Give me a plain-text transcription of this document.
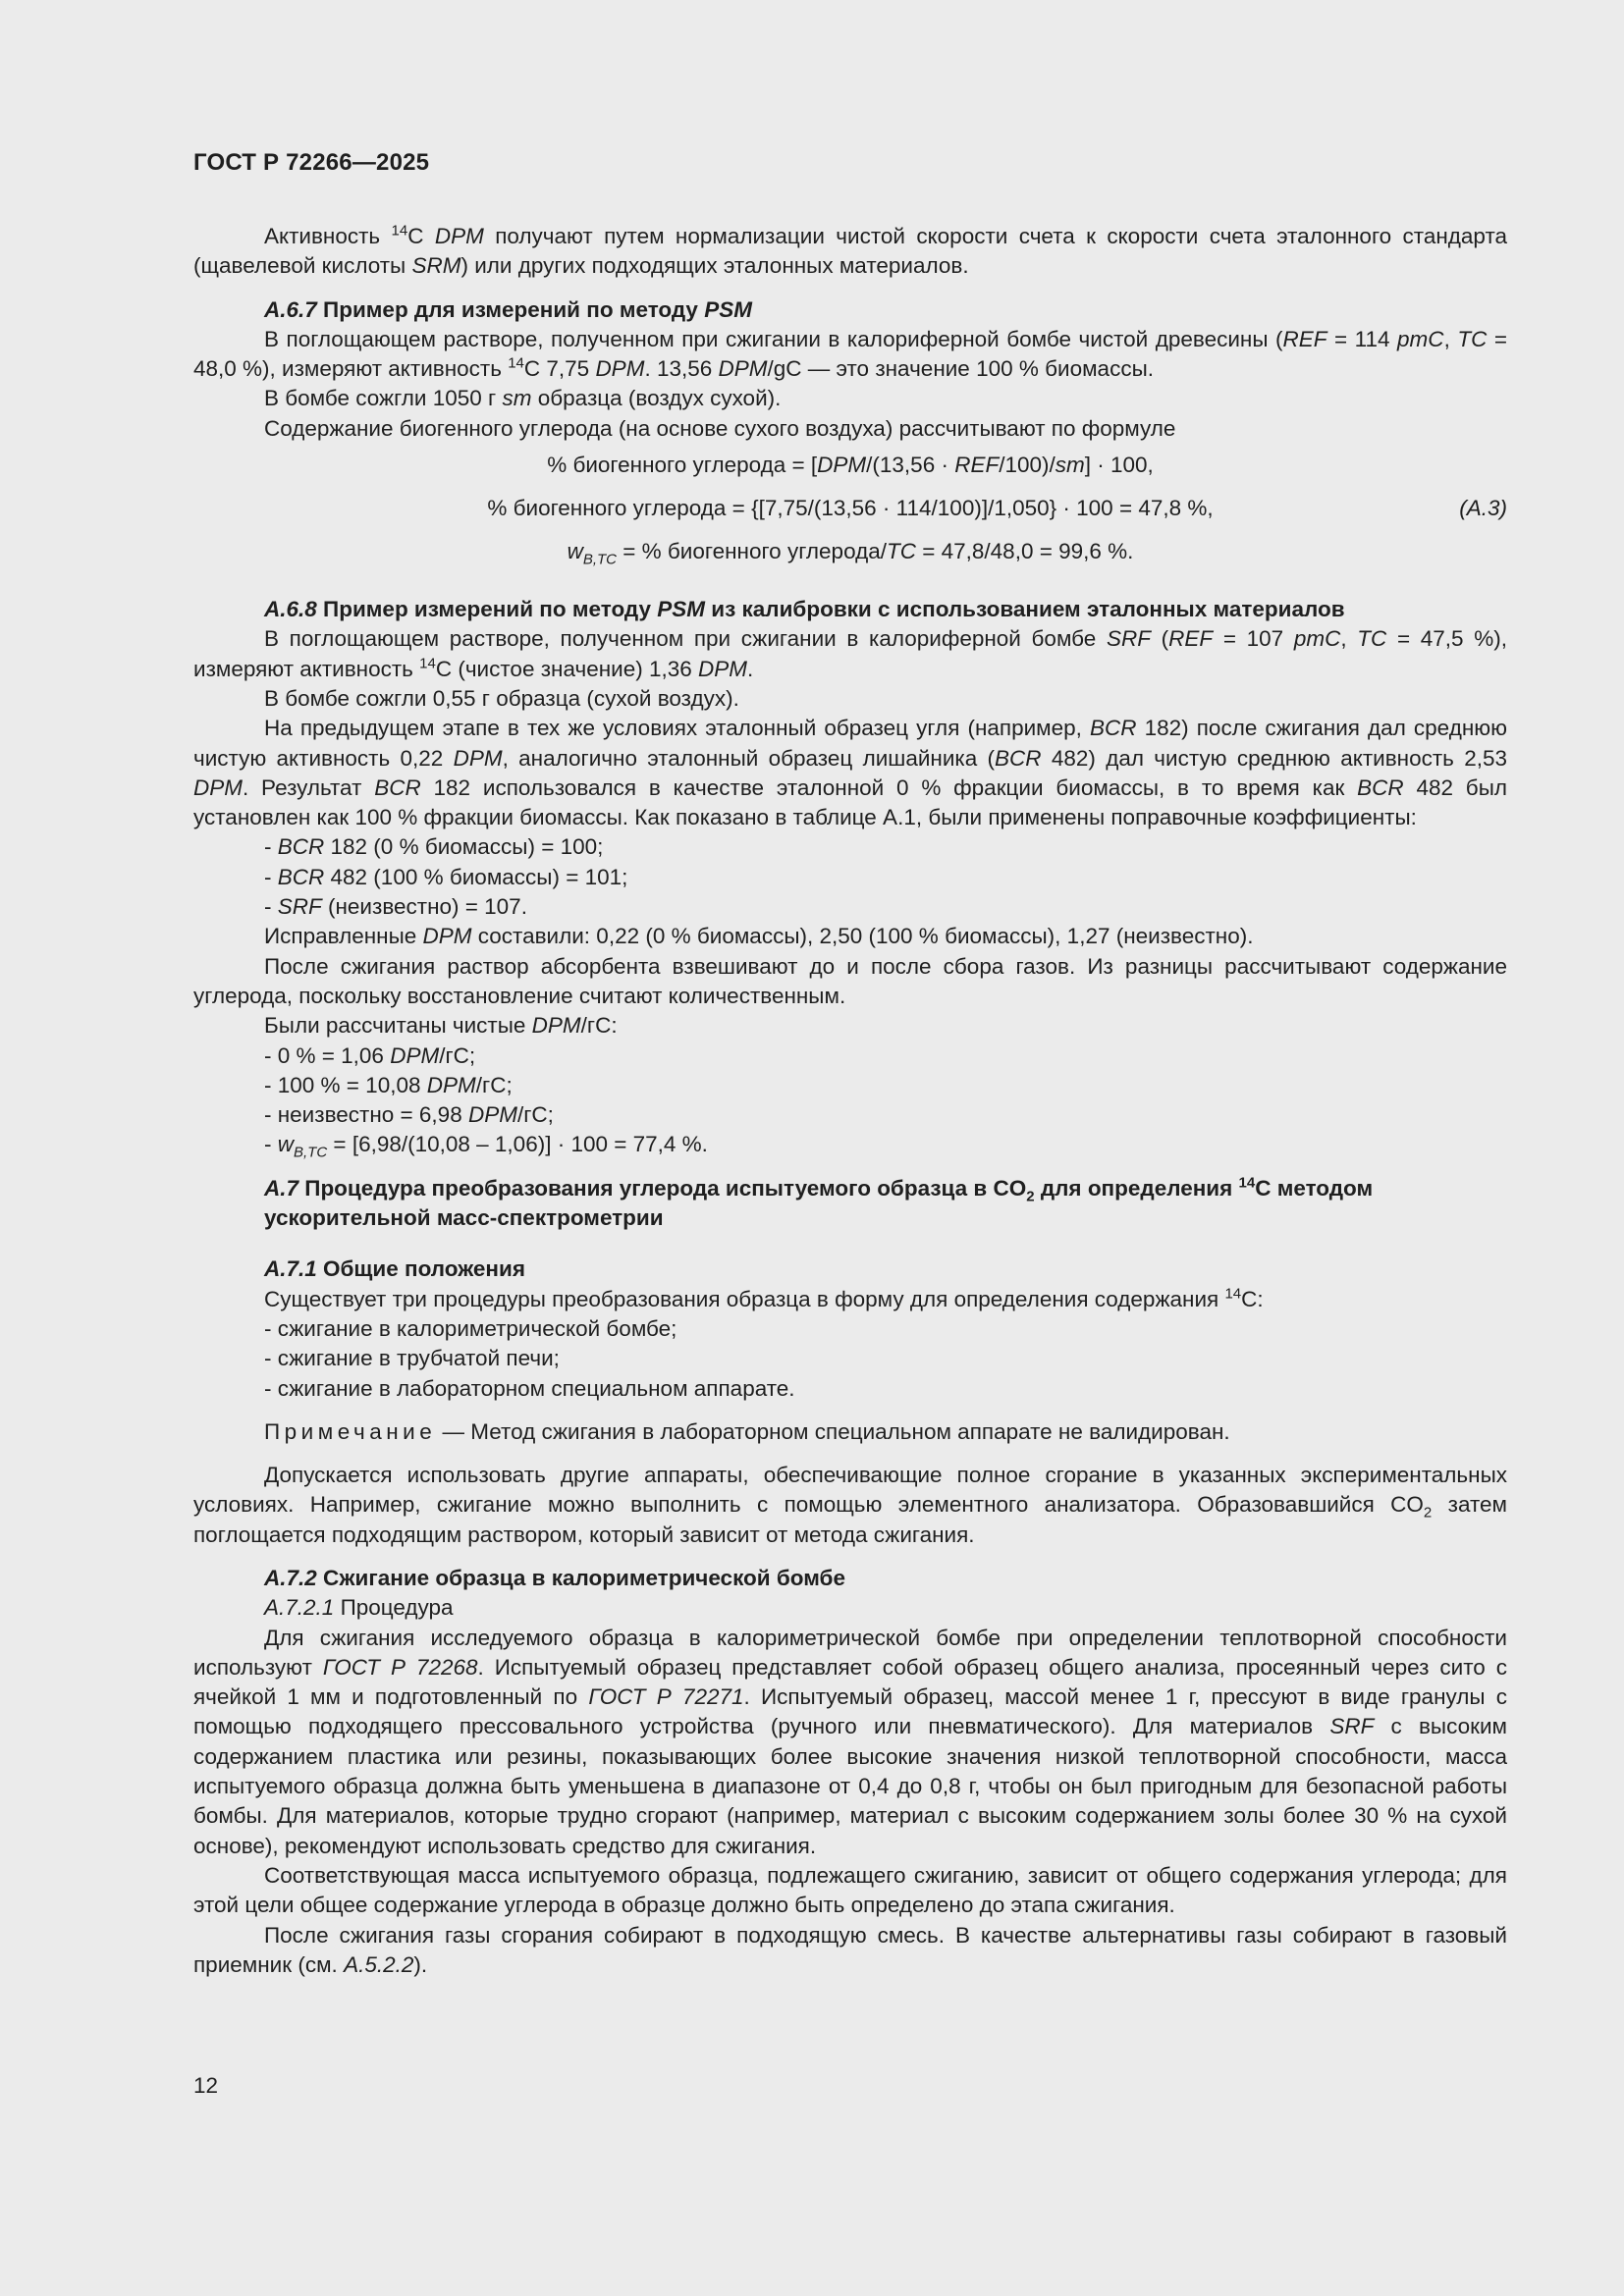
ГОСТ Р 72266—2025

Активность $^{14}$C DPM получают путем нормализации чистой скорости счета к скорости счета эталонного стандарта (щавелевой кислоты SRM) или других подходящих эталонных материалов.

А.6.7 Пример для измерений по методу PSM

В поглощающем растворе, полученном при сжигании в калориферной бомбе чистой древесины (REF = 114 pmC, TC = 48,0 %), измеряют активность $^{14}$C 7,75 DPM. 13,56 DPM/gC — это значение 100 % биомассы.

В бомбе сожгли 1050 г sm образца (воздух сухой).

Содержание биогенного углерода (на основе сухого воздуха) рассчитывают по формуле

% биогенного углерода = [DPM/(13,56 · REF/100)/sm] · 100,
% биогенного углерода = {[7,75/(13,56 · 114/100)]/1,050} · 100 = 47,8 %,	(A.3)
$w_{B,TC}$ = % биогенного углерода/TC = 47,8/48,0 = 99,6 %.

А.6.8 Пример измерений по методу PSM из калибровки с использованием эталонных материалов

В поглощающем растворе, полученном при сжигании в калориферной бомбе SRF (REF = 107 pmC, TC = 47,5 %), измеряют активность $^{14}$C (чистое значение) 1,36 DPM.

В бомбе сожгли 0,55 г образца (сухой воздух).

На предыдущем этапе в тех же условиях эталонный образец угля (например, BCR 182) после сжигания дал среднюю чистую активность 0,22 DPM, аналогично эталонный образец лишайника (BCR 482) дал чистую среднюю активность 2,53 DPM. Результат BCR 182 использовался в качестве эталонной 0 % фракции биомассы, в то время как BCR 482 был установлен как 100 % фракции биомассы. Как показано в таблице А.1, были применены поправочные коэффициенты:

- BCR 182 (0 % биомассы) = 100;

- BCR 482 (100 % биомассы) = 101;

- SRF (неизвестно) = 107.

Исправленные DPM составили: 0,22 (0 % биомассы), 2,50 (100 % биомассы), 1,27 (неизвестно).

После сжигания раствор абсорбента взвешивают до и после сбора газов. Из разницы рассчитывают содержание углерода, поскольку восстановление считают количественным.

Были рассчитаны чистые DPM/гС:

- 0 % = 1,06 DPM/гС;

- 100 % = 10,08 DPM/гС;

- неизвестно = 6,98 DPM/гС;

- $w_{B,TC} = [6,98/(10,08 - 1,06)] \cdot 100 = 77,4$ %.

А.7 Процедура преобразования углерода испытуемого образца в $CO_2$ для определения $^{14}$C методом ускорительной масс-спектрометрии

А.7.1 Общие положения

Существует три процедуры преобразования образца в форму для определения содержания $^{14}$C:

- сжигание в калориметрической бомбе;

- сжигание в трубчатой печи;

- сжигание в лабораторном специальном аппарате.

Примечание — Метод сжигания в лабораторном специальном аппарате не валидирован.

Допускается использовать другие аппараты, обеспечивающие полное сгорание в указанных экспериментальных условиях. Например, сжигание можно выполнить с помощью элементного анализатора. Образовавшийся $CO_2$ затем поглощается подходящим раствором, который зависит от метода сжигания.

А.7.2 Сжигание образца в калориметрической бомбе

А.7.2.1 Процедура

Для сжигания исследуемого образца в калориметрической бомбе при определении теплотворной способности используют ГОСТ Р 72268. Испытуемый образец представляет собой образец общего анализа, просеянный через сито с ячейкой 1 мм и подготовленный по ГОСТ Р 72271. Испытуемый образец, массой менее 1 г, прессуют в виде гранулы с помощью подходящего прессовального устройства (ручного или пневматического). Для материалов SRF с высоким содержанием пластика или резины, показывающих более высокие значения низкой теплотворной способности, масса испытуемого образца должна быть уменьшена в диапазоне от 0,4 до 0,8 г, чтобы он был пригодным для безопасной работы бомбы. Для материалов, которые трудно сгорают (например, материал с высоким содержанием золы более 30 % на сухой основе), рекомендуют использовать средство для сжигания.

Соответствующая масса испытуемого образца, подлежащего сжиганию, зависит от общего содержания углерода; для этой цели общее содержание углерода в образце должно быть определено до этапа сжигания.

После сжигания газы сгорания собирают в подходящую смесь. В качестве альтернативы газы собирают в газовый приемник (см. А.5.2.2).

12
